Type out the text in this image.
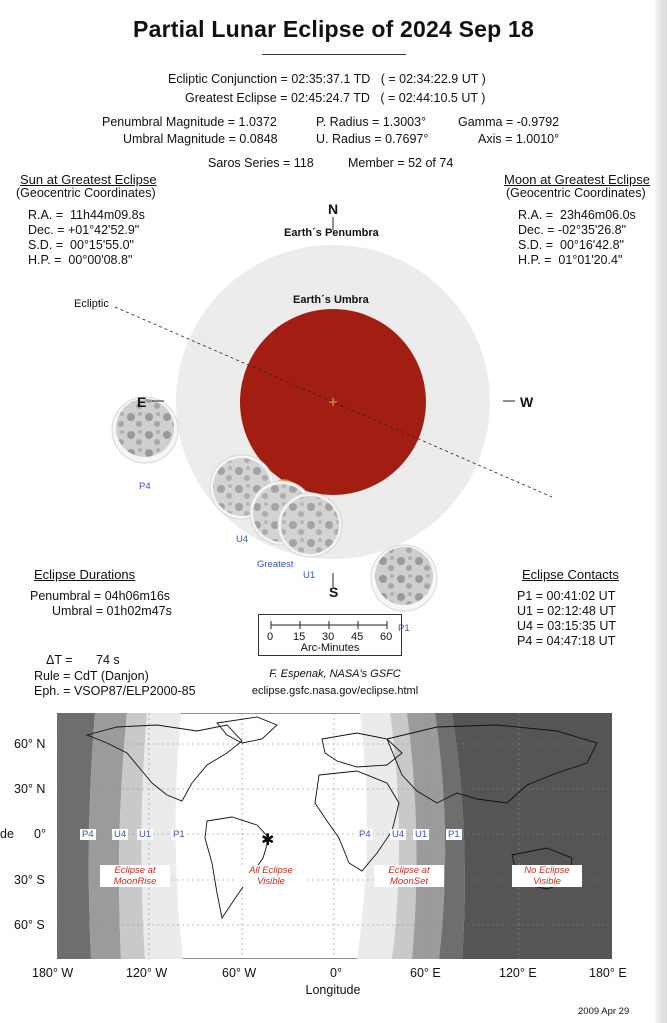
Partial Lunar Eclipse of 2024 Sep 18
Ecliptic Conjunction = 02:35:37.1 TD   ( = 02:34:22.9 UT )
Greatest Eclipse = 02:45:24.7 TD   ( = 02:44:10.5 UT )
Penumbral Magnitude = 1.0372	P. Radius = 1.3003°	Gamma = -0.9792
Umbral Magnitude = 0.0848	U. Radius = 0.7697°	Axis = 1.0010°
Saros Series = 118	Member = 52 of 74
Sun at Greatest Eclipse
(Geocentric Coordinates)
R.A. =  11h44m09.8s
Dec. = +01°42'52.9"
S.D. =  00°15'55.0"
H.P. =  00°00'08.8"
Moon at Greatest Eclipse
(Geocentric Coordinates)
R.A. =  23h46m06.0s
Dec. = -02°35'26.8"
S.D. =  00°16'42.8"
H.P. =  01°01'20.4"
N
S
E	W
Earth´s Penumbra
Earth´s Umbra
Ecliptic
P4
U4
Greatest
U1
P1
Eclipse Durations
Penumbral = 04h06m16s
Umbral = 01h02m47s
Eclipse Contacts
P1 = 00:41:02 UT
U1 = 02:12:48 UT
U4 = 03:15:35 UT
P4 = 04:47:18 UT
0 15 30 45 60
Arc-Minutes
ΔT = 74 s
Rule = CdT (Danjon)
Eph. = VSOP87/ELP2000-85
F. Espenak, NASA's GSFC
eclipse.gsfc.nasa.gov/eclipse.html
✱
P4 U4 U1 P1	P4 U4 U1 P1
Eclipse at
MoonRise
All Eclipse
Visible
Eclipse at
MoonSet
No Eclipse
Visible
60° N
30° N
0°
30° S
60° S
de
180° W	120° W	60° W	0°	60° E	120° E	180° E
Longitude
2009 Apr 29
